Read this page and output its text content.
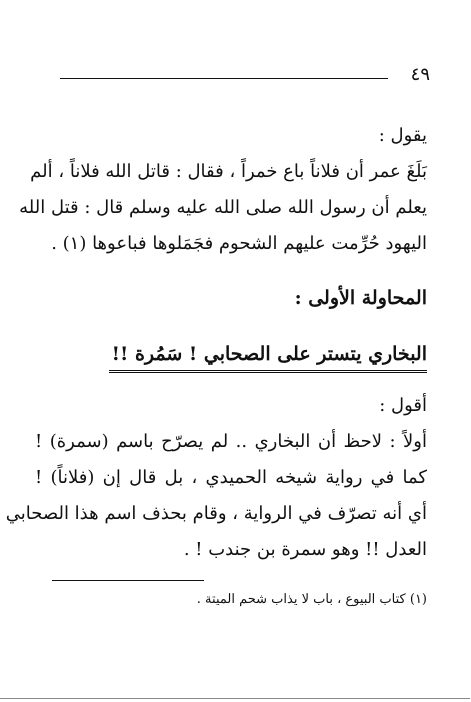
٤٩
يقول :
بَلَغَ عمر أن فلاناً باع خمراً ، فقال : قاتل الله فلاناً ، ألم
يعلم أن رسول الله صلى الله عليه وسلم قال : قتل الله
اليهود حُرِّمت عليهم الشحوم فجَمَلوها فباعوها (١) .
المحاولة الأولى :
البخاري يتستر على الصحابي ! سَمُرة !!
أقول :
أولاً : لاحظ أن البخاري .. لم يصرّح باسم (سمرة) !
كما في رواية شيخه الحميدي ، بل قال إن (فلاناً) !
أي أنه تصرّف في الرواية ، وقام بحذف اسم هذا الصحابي
العدل !! وهو سمرة بن جندب ! .
(١) كتاب البيوع ، باب لا يذاب شحم الميتة .
